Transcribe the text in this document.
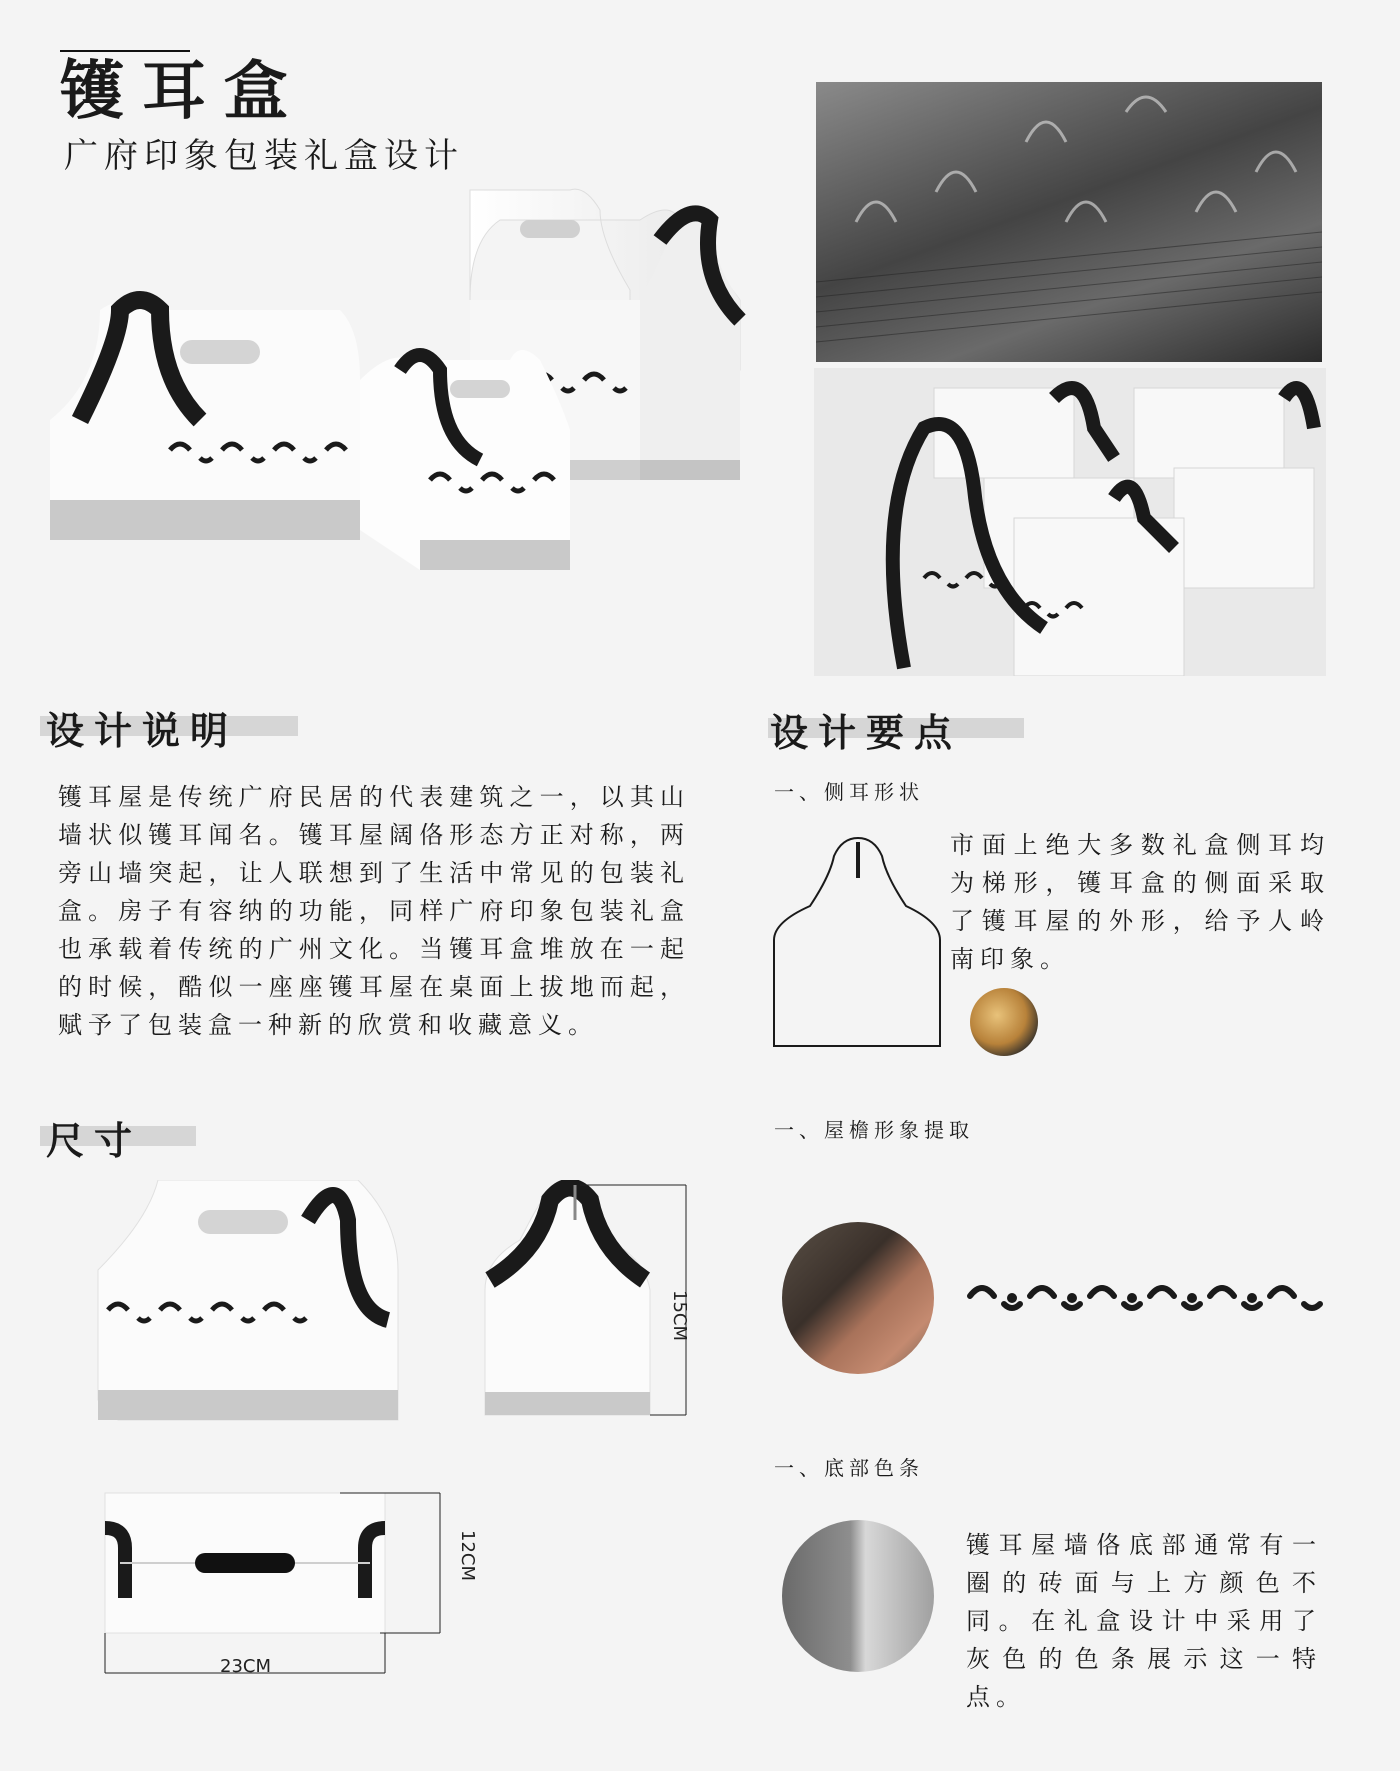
镬耳盒
广府印象包装礼盒设计
设计说明
镬耳屋是传统广府民居的代表建筑之一，以其山墙状似镬耳闻名。镬耳屋阔佫形态方正对称，两旁山墙突起，让人联想到了生活中常见的包装礼盒。房子有容纳的功能，同样广府印象包装礼盒也承载着传统的广州文化。当镬耳盒堆放在一起的时候，酷似一座座镬耳屋在桌面上拔地而起，赋予了包装盒一种新的欣赏和收藏意义。
尺寸
15CM
12CM
23CM
设计要点
一、侧耳形状
市面上绝大多数礼盒侧耳均为梯形，镬耳盒的侧面采取了镬耳屋的外形，给予人岭南印象。
一、屋檐形象提取
一、底部色条
镬耳屋墙佫底部通常有一圈的砖面与上方颜色不同。在礼盒设计中采用了灰色的色条展示这一特点。
